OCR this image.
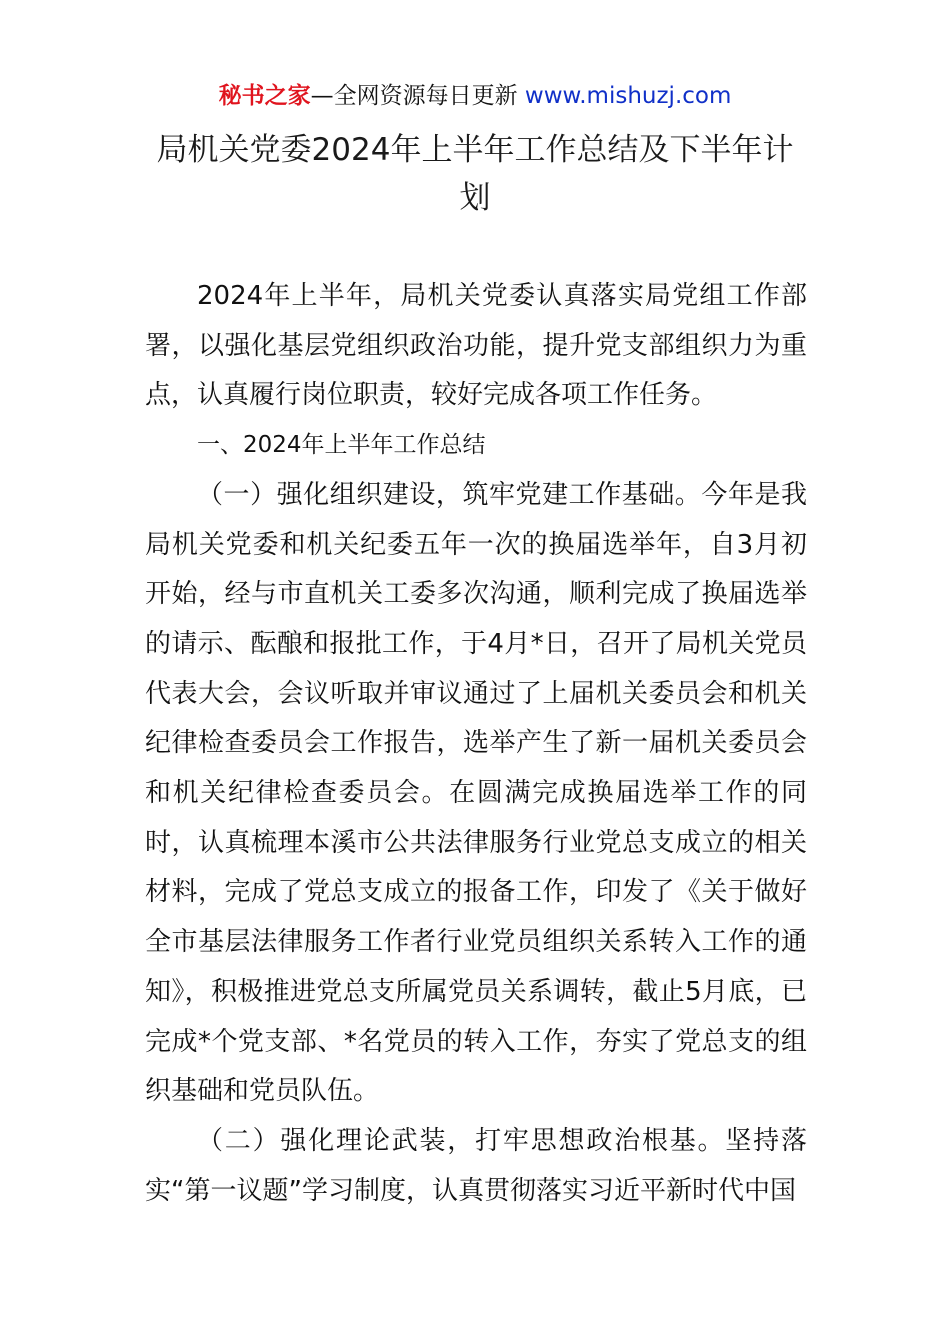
秘书之家—全网资源每日更新 www.mishuzj.com
局机关党委2024年上半年工作总结及下半年计划

2024年上半年，局机关党委认真落实局党组工作部署，以强化基层党组织政治功能，提升党支部组织力为重点，认真履行岗位职责，较好完成各项工作任务。

一、2024年上半年工作总结

（一）强化组织建设，筑牢党建工作基础。今年是我局机关党委和机关纪委五年一次的换届选举年，自3月初开始，经与市直机关工委多次沟通，顺利完成了换届选举的请示、酝酿和报批工作，于4月*日，召开了局机关党员代表大会，会议听取并审议通过了上届机关委员会和机关纪律检查委员会工作报告，选举产生了新一届机关委员会和机关纪律检查委员会。在圆满完成换届选举工作的同时，认真梳理本溪市公共法律服务行业党总支成立的相关材料，完成了党总支成立的报备工作，印发了《关于做好全市基层法律服务工作者行业党员组织关系转入工作的通知》，积极推进党总支所属党员关系调转，截止5月底，已完成*个党支部、*名党员的转入工作，夯实了党总支的组织基础和党员队伍。

（二）强化理论武装，打牢思想政治根基。坚持落实“第一议题”学习制度，认真贯彻落实习近平新时代中国
